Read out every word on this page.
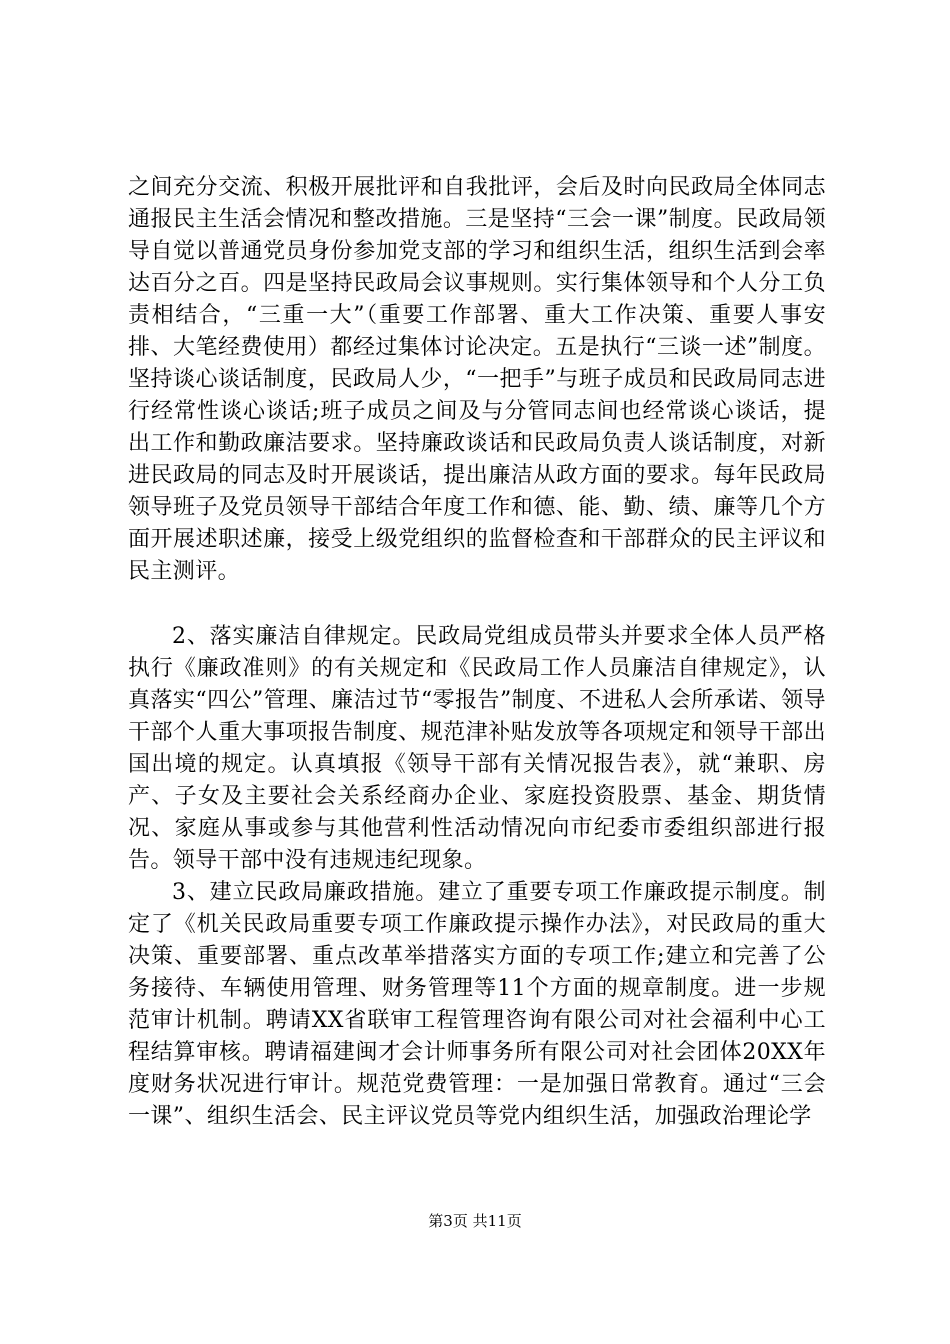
之间充分交流、积极开展批评和自我批评，会后及时向民政局全体同志通报民主生活会情况和整改措施。三是坚持“三会一课”制度。民政局领导自觉以普通党员身份参加党支部的学习和组织生活，组织生活到会率达百分之百。四是坚持民政局会议事规则。实行集体领导和个人分工负责相结合，“三重一大”（重要工作部署、重大工作决策、重要人事安排、大笔经费使用）都经过集体讨论决定。五是执行“三谈一述”制度。坚持谈心谈话制度，民政局人少，“一把手”与班子成员和民政局同志进行经常性谈心谈话;班子成员之间及与分管同志间也经常谈心谈话，提出工作和勤政廉洁要求。坚持廉政谈话和民政局负责人谈话制度，对新进民政局的同志及时开展谈话，提出廉洁从政方面的要求。每年民政局领导班子及党员领导干部结合年度工作和德、能、勤、绩、廉等几个方面开展述职述廉，接受上级党组织的监督检查和干部群众的民主评议和民主测评。

2、落实廉洁自律规定。民政局党组成员带头并要求全体人员严格执行《廉政准则》的有关规定和《民政局工作人员廉洁自律规定》，认真落实“四公”管理、廉洁过节“零报告”制度、不进私人会所承诺、领导干部个人重大事项报告制度、规范津补贴发放等各项规定和领导干部出国出境的规定。认真填报《领导干部有关情况报告表》，就“兼职、房产、子女及主要社会关系经商办企业、家庭投资股票、基金、期货情况、家庭从事或参与其他营利性活动情况向市纪委市委组织部进行报告。领导干部中没有违规违纪现象。

3、建立民政局廉政措施。建立了重要专项工作廉政提示制度。制定了《机关民政局重要专项工作廉政提示操作办法》，对民政局的重大决策、重要部署、重点改革举措落实方面的专项工作;建立和完善了公务接待、车辆使用管理、财务管理等11个方面的规章制度。进一步规范审计机制。聘请XX省联审工程管理咨询有限公司对社会福利中心工程结算审核。聘请福建闽才会计师事务所有限公司对社会团体20XX年度财务状况进行审计。规范党费管理：一是加强日常教育。通过“三会一课”、组织生活会、民主评议党员等党内组织生活，加强政治理论学

第3页 共11页
